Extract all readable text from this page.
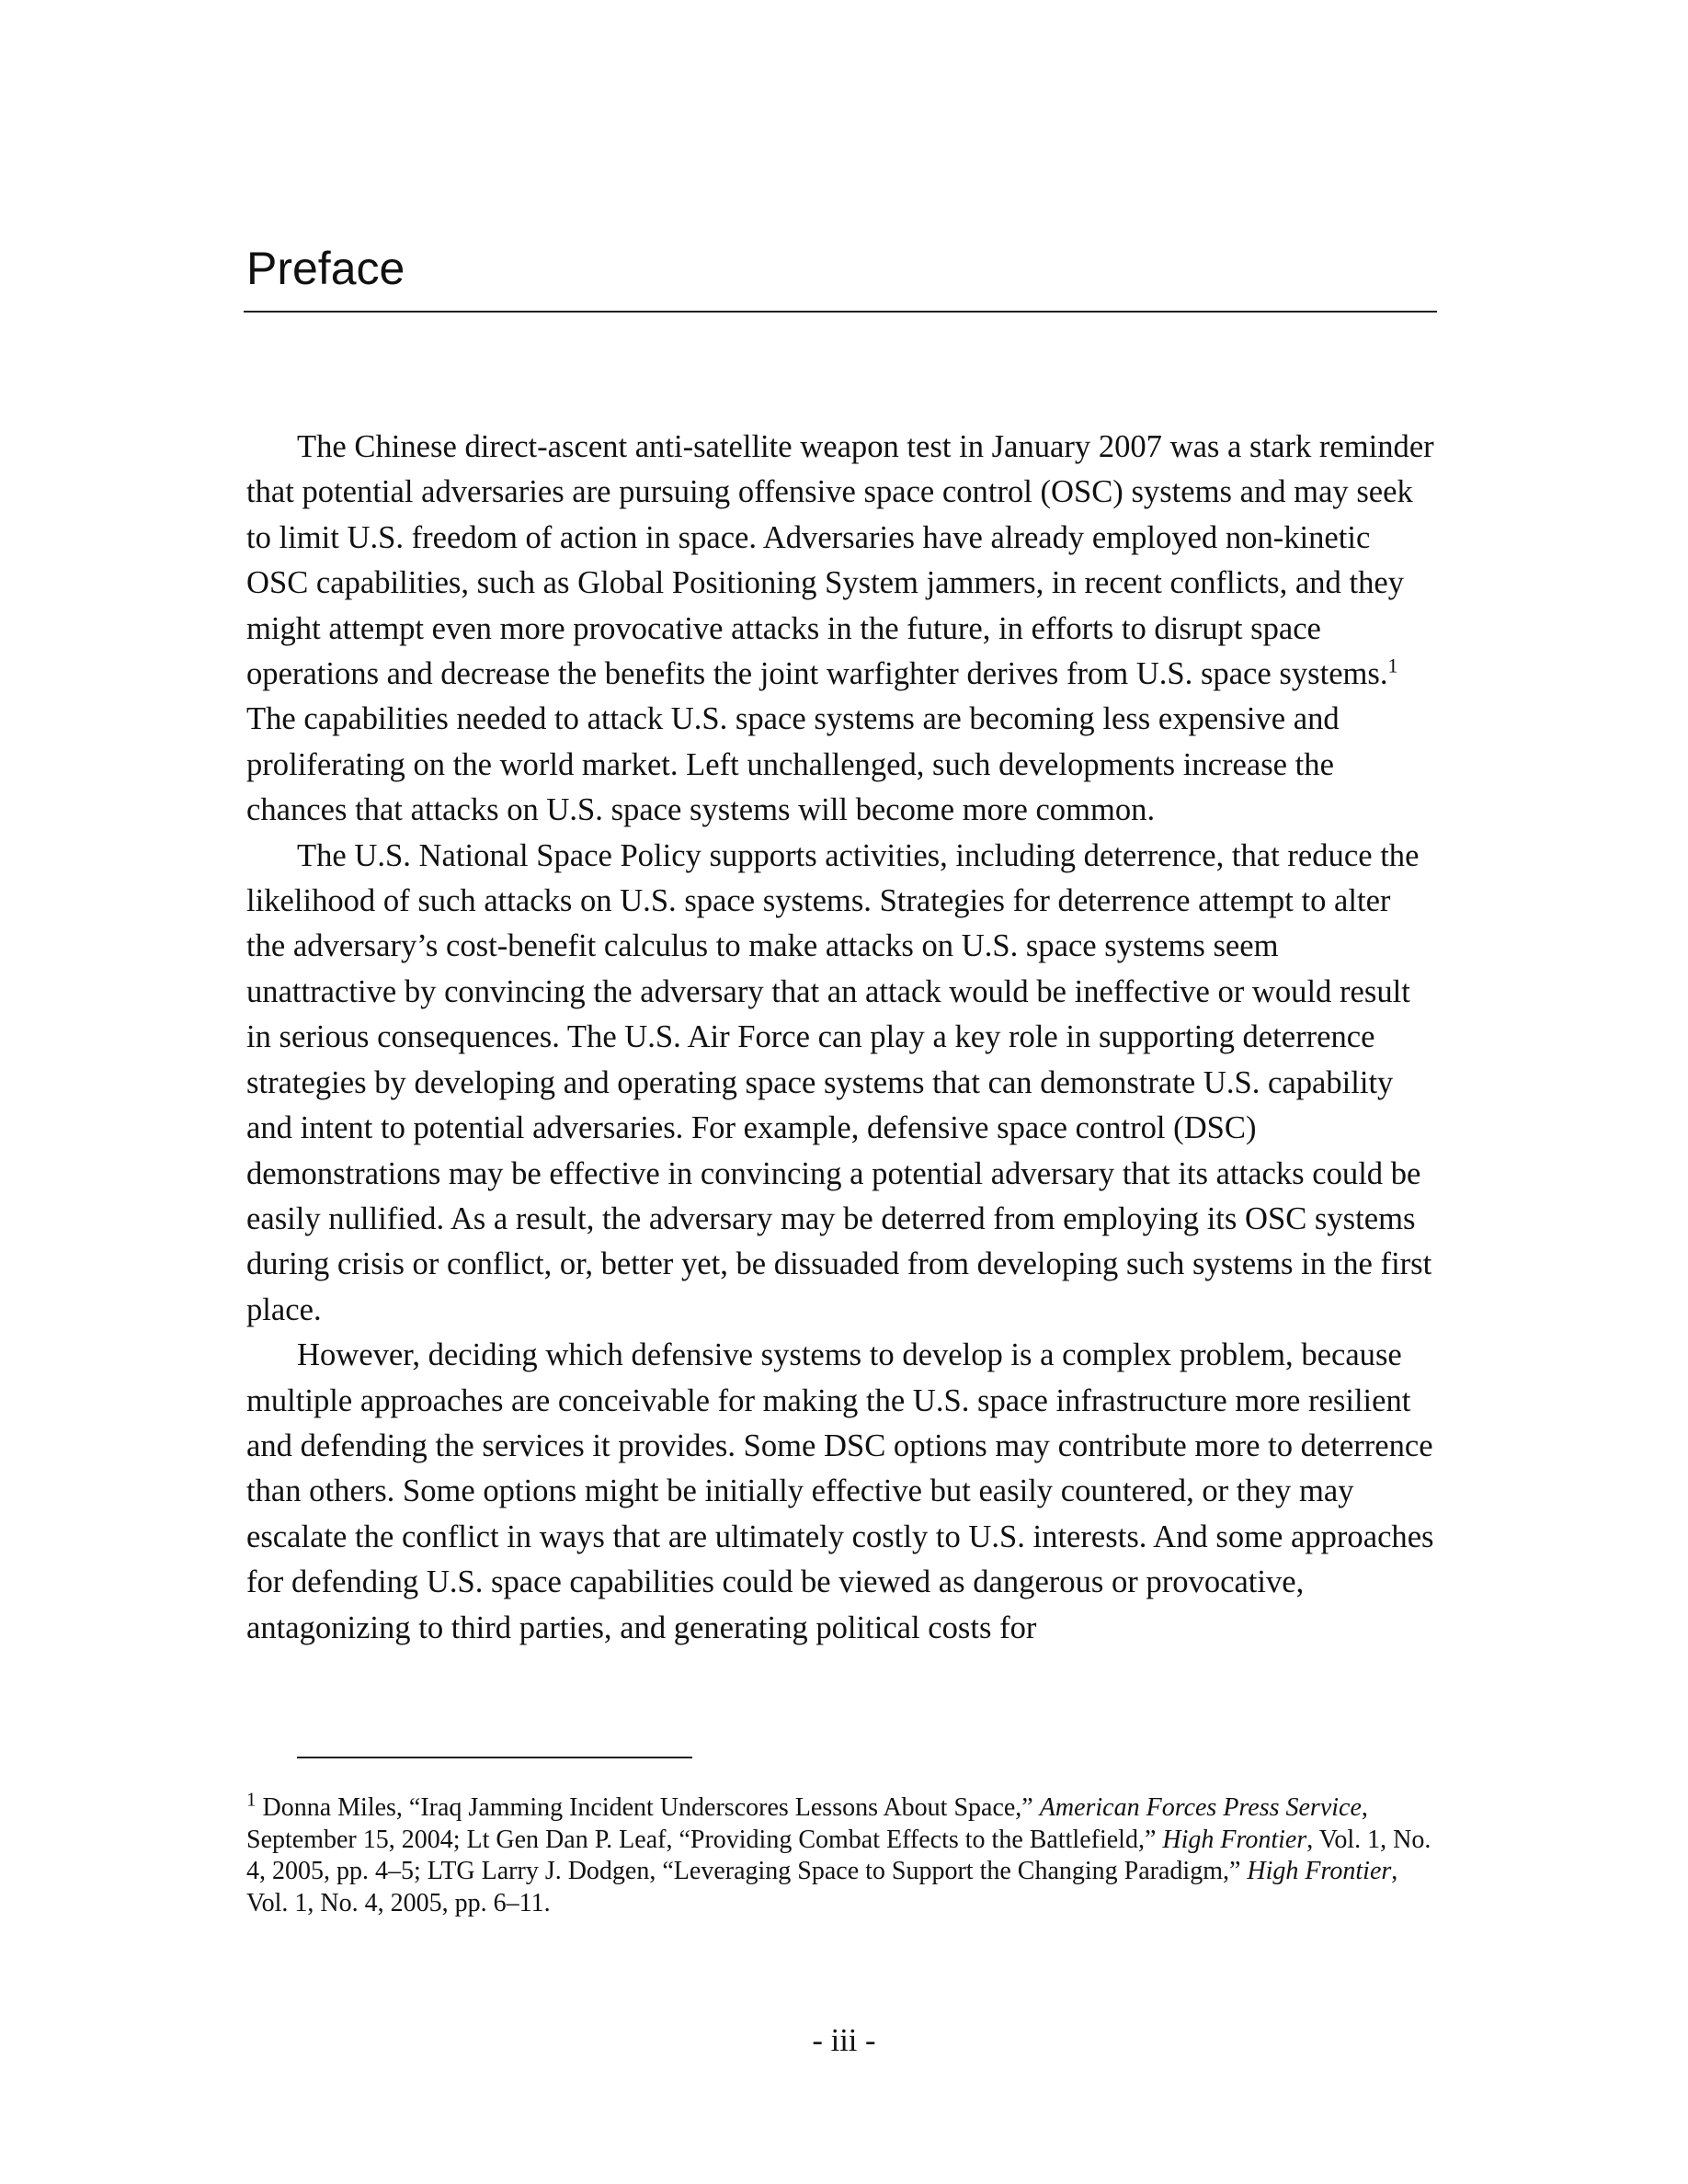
Preface

The Chinese direct-ascent anti-satellite weapon test in January 2007 was a stark reminder that potential adversaries are pursuing offensive space control (OSC) systems and may seek to limit U.S. freedom of action in space. Adversaries have already employed non-kinetic OSC capabilities, such as Global Positioning System jammers, in recent conflicts, and they might attempt even more provocative attacks in the future, in efforts to disrupt space operations and decrease the benefits the joint warfighter derives from U.S. space systems.$^1$ The capabilities needed to attack U.S. space systems are becoming less expensive and proliferating on the world market. Left unchallenged, such developments increase the chances that attacks on U.S. space systems will become more common.

The U.S. National Space Policy supports activities, including deterrence, that reduce the likelihood of such attacks on U.S. space systems. Strategies for deterrence attempt to alter the adversary’s cost-benefit calculus to make attacks on U.S. space systems seem unattractive by convincing the adversary that an attack would be ineffective or would result in serious consequences. The U.S. Air Force can play a key role in supporting deterrence strategies by developing and operating space systems that can demonstrate U.S. capability and intent to potential adversaries. For example, defensive space control (DSC) demonstrations may be effective in convincing a potential adversary that its attacks could be easily nullified. As a result, the adversary may be deterred from employing its OSC systems during crisis or conflict, or, better yet, be dissuaded from developing such systems in the first place.

However, deciding which defensive systems to develop is a complex problem, because multiple approaches are conceivable for making the U.S. space infrastructure more resilient and defending the services it provides. Some DSC options may contribute more to deterrence than others. Some options might be initially effective but easily countered, or they may escalate the conflict in ways that are ultimately costly to U.S. interests. And some approaches for defending U.S. space capabilities could be viewed as dangerous or provocative, antagonizing to third parties, and generating political costs for

$^1$ Donna Miles, “Iraq Jamming Incident Underscores Lessons About Space,” American Forces Press Service, September 15, 2004; Lt Gen Dan P. Leaf, “Providing Combat Effects to the Battlefield,” High Frontier, Vol. 1, No. 4, 2005, pp. 4–5; LTG Larry J. Dodgen, “Leveraging Space to Support the Changing Paradigm,” High Frontier, Vol. 1, No. 4, 2005, pp. 6–11.

- iii -
